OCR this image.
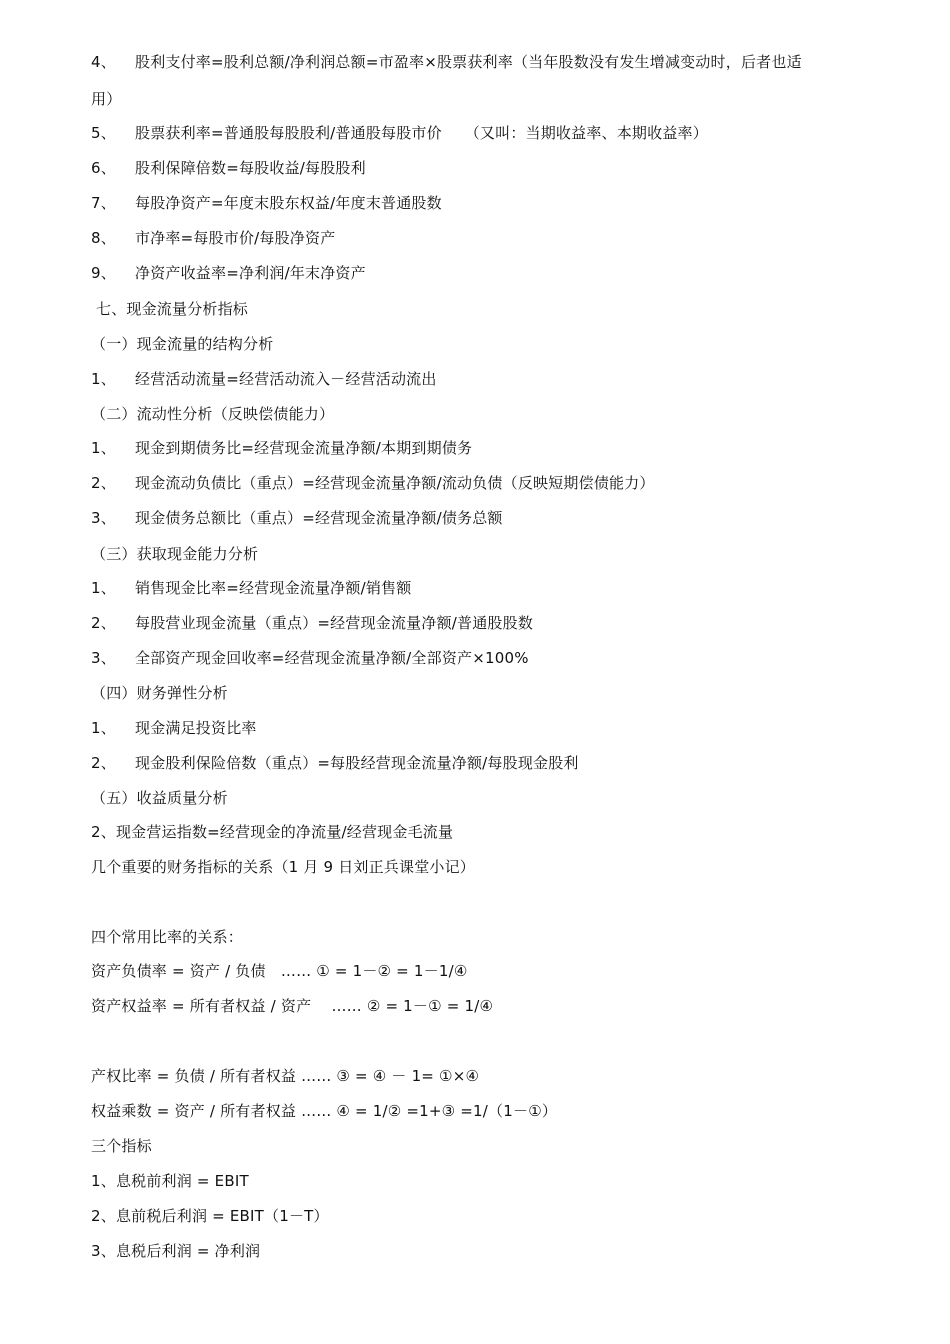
4、 股利支付率=股利总额/净利润总额=市盈率×股票获利率（当年股数没有发生增减变动时，后者也适
用）
5、 股票获利率=普通股每股股利/普通股每股市价　　（又叫：当期收益率、本期收益率）
6、 股利保障倍数=每股收益/每股股利
7、 每股净资产=年度末股东权益/年度末普通股数
8、 市净率=每股市价/每股净资产
9、 净资产收益率=净利润/年末净资产
七、现金流量分析指标
（一）现金流量的结构分析
1、 经营活动流量=经营活动流入－经营活动流出
（二）流动性分析（反映偿债能力）
1、 现金到期债务比=经营现金流量净额/本期到期债务
2、 现金流动负债比（重点）=经营现金流量净额/流动负债（反映短期偿债能力）
3、 现金债务总额比（重点）=经营现金流量净额/债务总额
（三）获取现金能力分析
1、 销售现金比率=经营现金流量净额/销售额
2、 每股营业现金流量（重点）=经营现金流量净额/普通股股数
3、 全部资产现金回收率=经营现金流量净额/全部资产×100%
（四）财务弹性分析
1、 现金满足投资比率
2、 现金股利保险倍数（重点）=每股经营现金流量净额/每股现金股利
（五）收益质量分析
2、现金营运指数=经营现金的净流量/经营现金毛流量
几个重要的财务指标的关系（1 月 9 日刘正兵课堂小记）
四个常用比率的关系：
资产负债率 = 资产 / 负债　…… ① = 1－② = 1－1/④
资产权益率 = 所有者权益 / 资产　 …… ② = 1－① = 1/④
产权比率 = 负债 / 所有者权益 …… ③ = ④ － 1= ①×④
权益乘数 = 资产 / 所有者权益 …… ④ = 1/② =1+③ =1/（1－①）
三个指标
1、息税前利润 = EBIT
2、息前税后利润 = EBIT（1－T）
3、息税后利润 = 净利润
